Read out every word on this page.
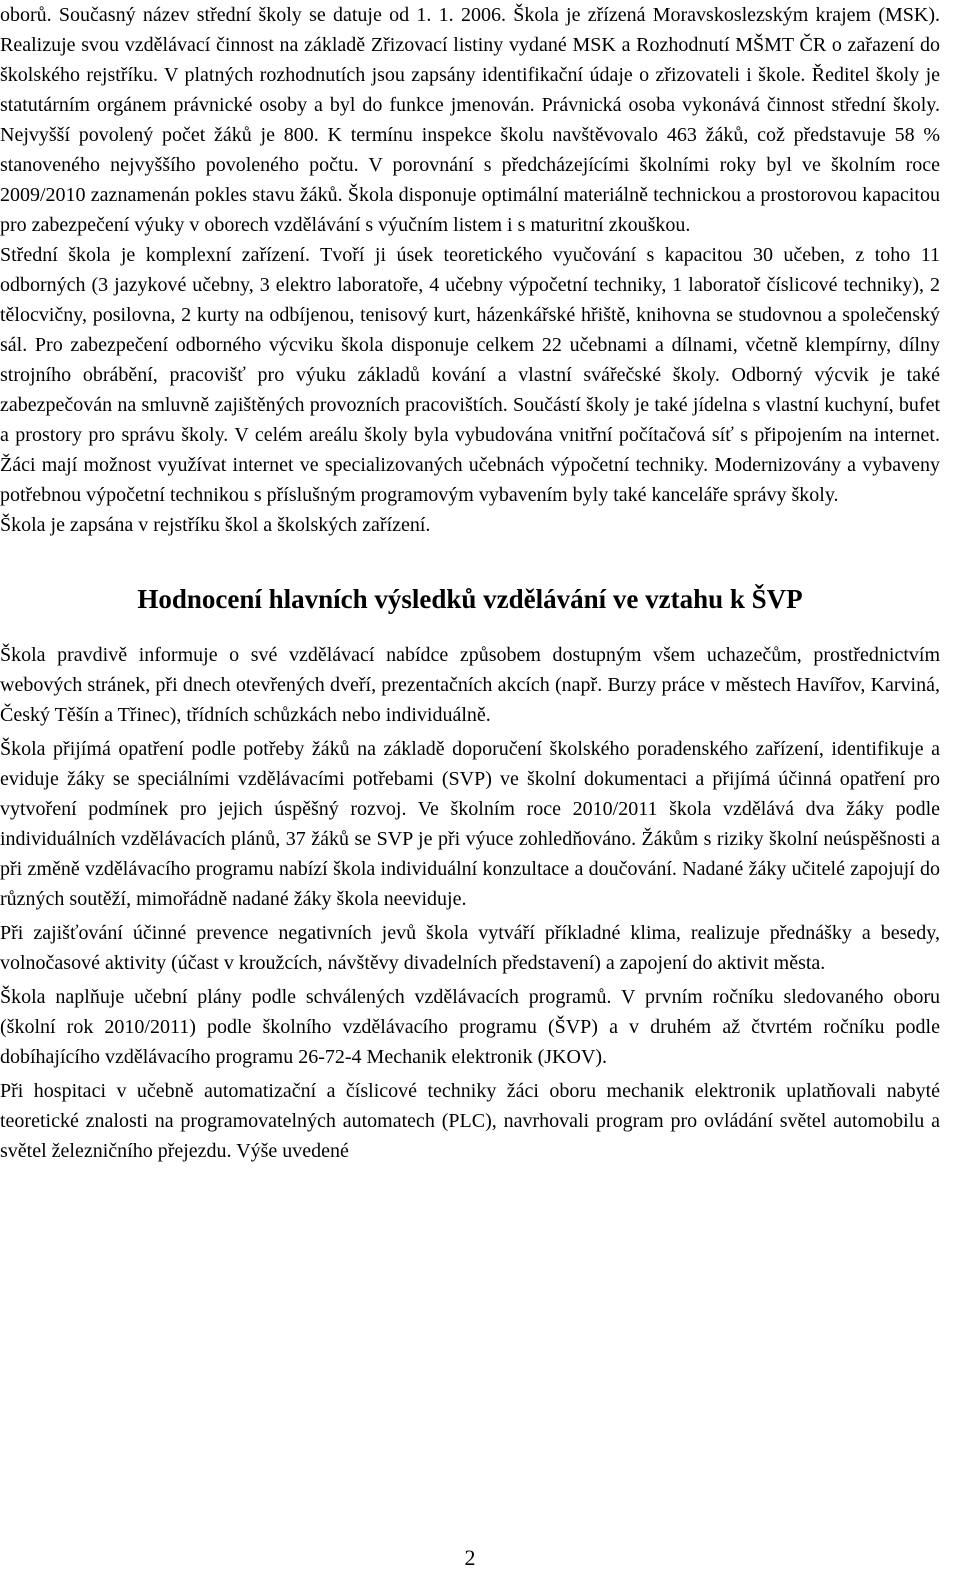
oborů. Současný název střední školy se datuje od 1. 1. 2006. Škola je zřízená Moravskoslezským krajem (MSK). Realizuje svou vzdělávací činnost na základě Zřizovací listiny vydané MSK a Rozhodnutí MŠMT ČR o zařazení do školského rejstříku. V platných rozhodnutích jsou zapsány identifikační údaje o zřizovateli i škole. Ředitel školy je statutárním orgánem právnické osoby a byl do funkce jmenován. Právnická osoba vykonává činnost střední školy. Nejvyšší povolený počet žáků je 800. K termínu inspekce školu navštěvovalo 463 žáků, což představuje 58 % stanoveného nejvyššího povoleného počtu. V porovnání s předcházejícími školními roky byl ve školním roce 2009/2010 zaznamenán pokles stavu žáků. Škola disponuje optimální materiálně technickou a prostorovou kapacitou pro zabezpečení výuky v oborech vzdělávání s výučním listem i s maturitní zkouškou.

Střední škola je komplexní zařízení. Tvoří ji úsek teoretického vyučování s kapacitou 30 učeben, z toho 11 odborných (3 jazykové učebny, 3 elektro laboratoře, 4 učebny výpočetní techniky, 1 laboratoř číslicové techniky), 2 tělocvičny, posilovna, 2 kurty na odbíjenou, tenisový kurt, házenkářské hřiště, knihovna se studovnou a společenský sál. Pro zabezpečení odborného výcviku škola disponuje celkem 22 učebnami a dílnami, včetně klempírny, dílny strojního obrábění, pracovišť pro výuku základů kování a vlastní svářečské školy. Odborný výcvik je také zabezpečován na smluvně zajištěných provozních pracovištích. Součástí školy je také jídelna s vlastní kuchyní, bufet a prostory pro správu školy. V celém areálu školy byla vybudována vnitřní počítačová síť s připojením na internet. Žáci mají možnost využívat internet ve specializovaných učebnách výpočetní techniky. Modernizovány a vybaveny potřebnou výpočetní technikou s příslušným programovým vybavením byly také kanceláře správy školy.

Škola je zapsána v rejstříku škol a školských zařízení.

Hodnocení hlavních výsledků vzdělávání ve vztahu k ŠVP

Škola pravdivě informuje o své vzdělávací nabídce způsobem dostupným všem uchazečům, prostřednictvím webových stránek, při dnech otevřených dveří, prezentačních akcích (např. Burzy práce v městech Havířov, Karviná, Český Těšín a Třinec), třídních schůzkách nebo individuálně.

Škola přijímá opatření podle potřeby žáků na základě doporučení školského poradenského zařízení, identifikuje a eviduje žáky se speciálními vzdělávacími potřebami (SVP) ve školní dokumentaci a přijímá účinná opatření pro vytvoření podmínek pro jejich úspěšný rozvoj. Ve školním roce 2010/2011 škola vzdělává dva žáky podle individuálních vzdělávacích plánů, 37 žáků se SVP je při výuce zohledňováno. Žákům s riziky školní neúspěšnosti a při změně vzdělávacího programu nabízí škola individuální konzultace a doučování. Nadané žáky učitelé zapojují do různých soutěží, mimořádně nadané žáky škola neeviduje.

Při zajišťování účinné prevence negativních jevů škola vytváří příkladné klima, realizuje přednášky a besedy, volnočasové aktivity (účast v kroužcích, návštěvy divadelních představení) a zapojení do aktivit města.

Škola naplňuje učební plány podle schválených vzdělávacích programů. V prvním ročníku sledovaného oboru (školní rok 2010/2011) podle školního vzdělávacího programu (ŠVP) a v druhém až čtvrtém ročníku podle dobíhajícího vzdělávacího programu 26-72-4 Mechanik elektronik (JKOV).

Při hospitaci v učebně automatizační a číslicové techniky žáci oboru mechanik elektronik uplatňovali nabyté teoretické znalosti na programovatelných automatech (PLC), navrhovali program pro ovládání světel automobilu a světel železničního přejezdu. Výše uvedené

2
